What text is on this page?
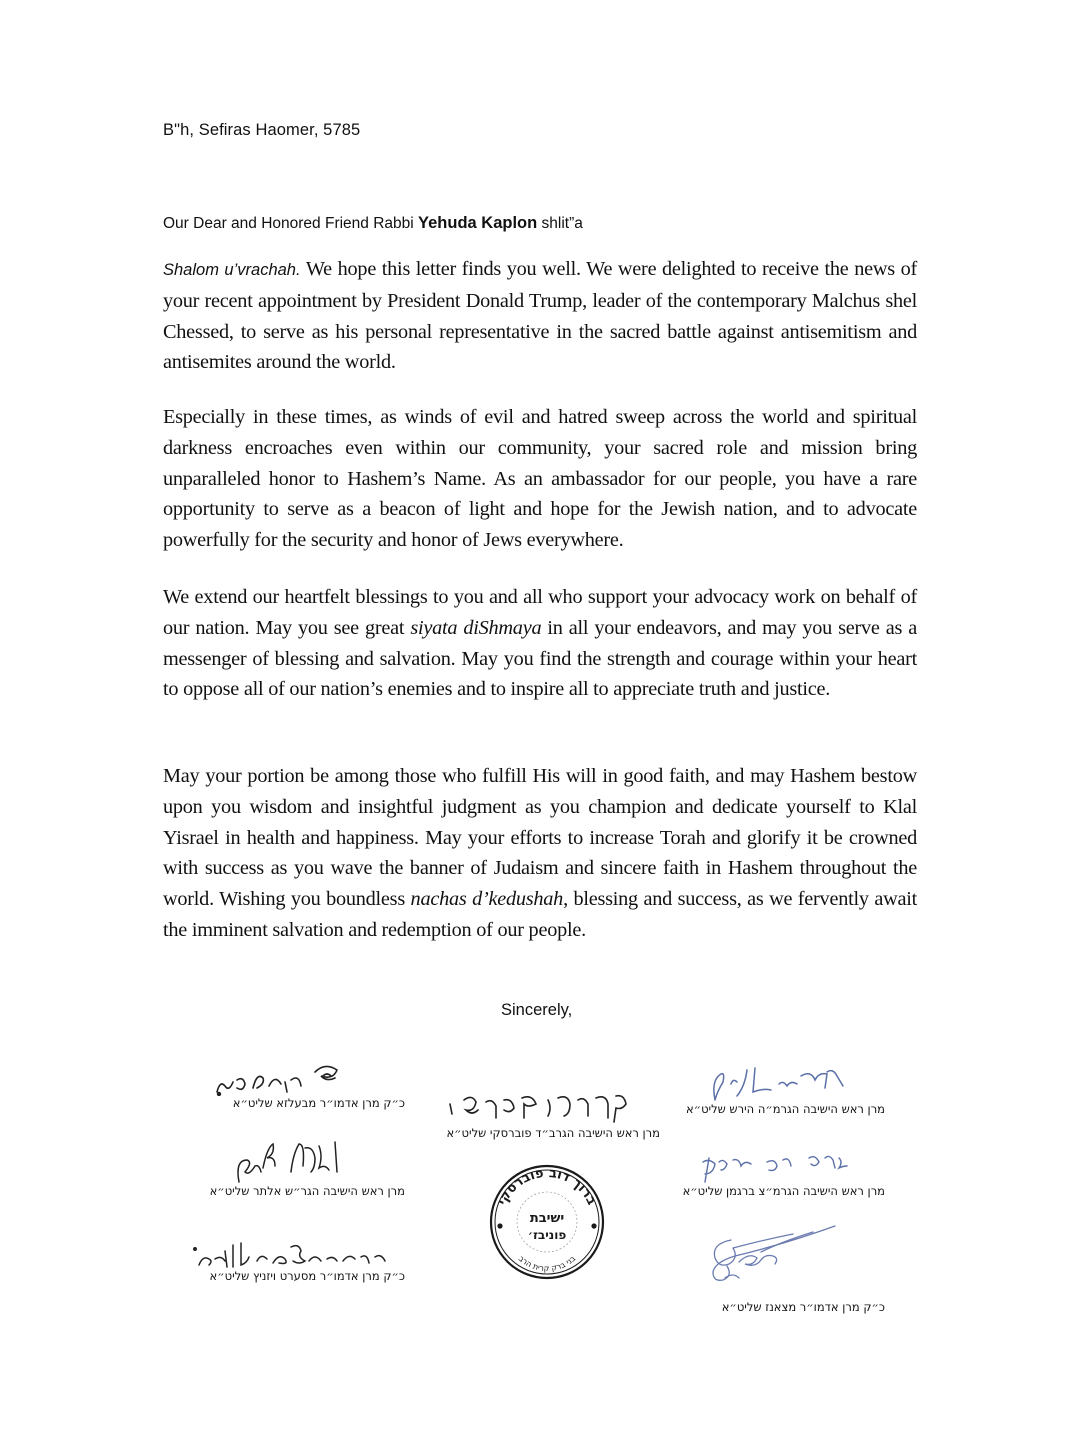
B"h, Sefiras Haomer, 5785
Our Dear and Honored Friend Rabbi Yehuda Kaplon shlit”a

Shalom u’vrachah. We hope this letter finds you well. We were delighted to receive the news of your recent appointment by President Donald Trump, leader of the contemporary Malchus shel Chessed, to serve as his personal representative in the sacred battle against antisemitism and antisemites around the world.

Especially in these times, as winds of evil and hatred sweep across the world and spiritual darkness encroaches even within our community, your sacred role and mission bring unparalleled honor to Hashem’s Name. As an ambassador for our people, you have a rare opportunity to serve as a beacon of light and hope for the Jewish nation, and to advocate powerfully for the security and honor of Jews everywhere.

We extend our heartfelt blessings to you and all who support your advocacy work on behalf of our nation. May you see great siyata diShmaya in all your endeavors, and may you serve as a messenger of blessing and salvation. May you find the strength and courage within your heart to oppose all of our nation’s enemies and to inspire all to appreciate truth and justice.

May your portion be among those who fulfill His will in good faith, and may Hashem bestow upon you wisdom and insightful judgment as you champion and dedicate yourself to Klal Yisrael in health and happiness. May your efforts to increase Torah and glorify it be crowned with success as you wave the banner of Judaism and sincere faith in Hashem throughout the world. Wishing you boundless nachas d’kedushah, blessing and success, as we fervently await the imminent salvation and redemption of our people.

Sincerely,
כ״ק מרן אדמו״ר מבעלזא שליט״א
מרן ראש הישיבה הגר״ש אלתר שליט״א
כ״ק מרן אדמו״ר מסערט ויזניץ שליט״א
מרן ראש הישיבה הגרב״ד פוברסקי שליט״א
ברוך דוב פוברסקי
ישיבת
פוניבז׳
בני ברק קרית הרב
מרן ראש הישיבה הגרמ״ה הירש שליט״א
מרן ראש הישיבה הגרמ״צ ברגמן שליט״א
כ״ק מרן אדמו״ר מצאנז שליט״א
